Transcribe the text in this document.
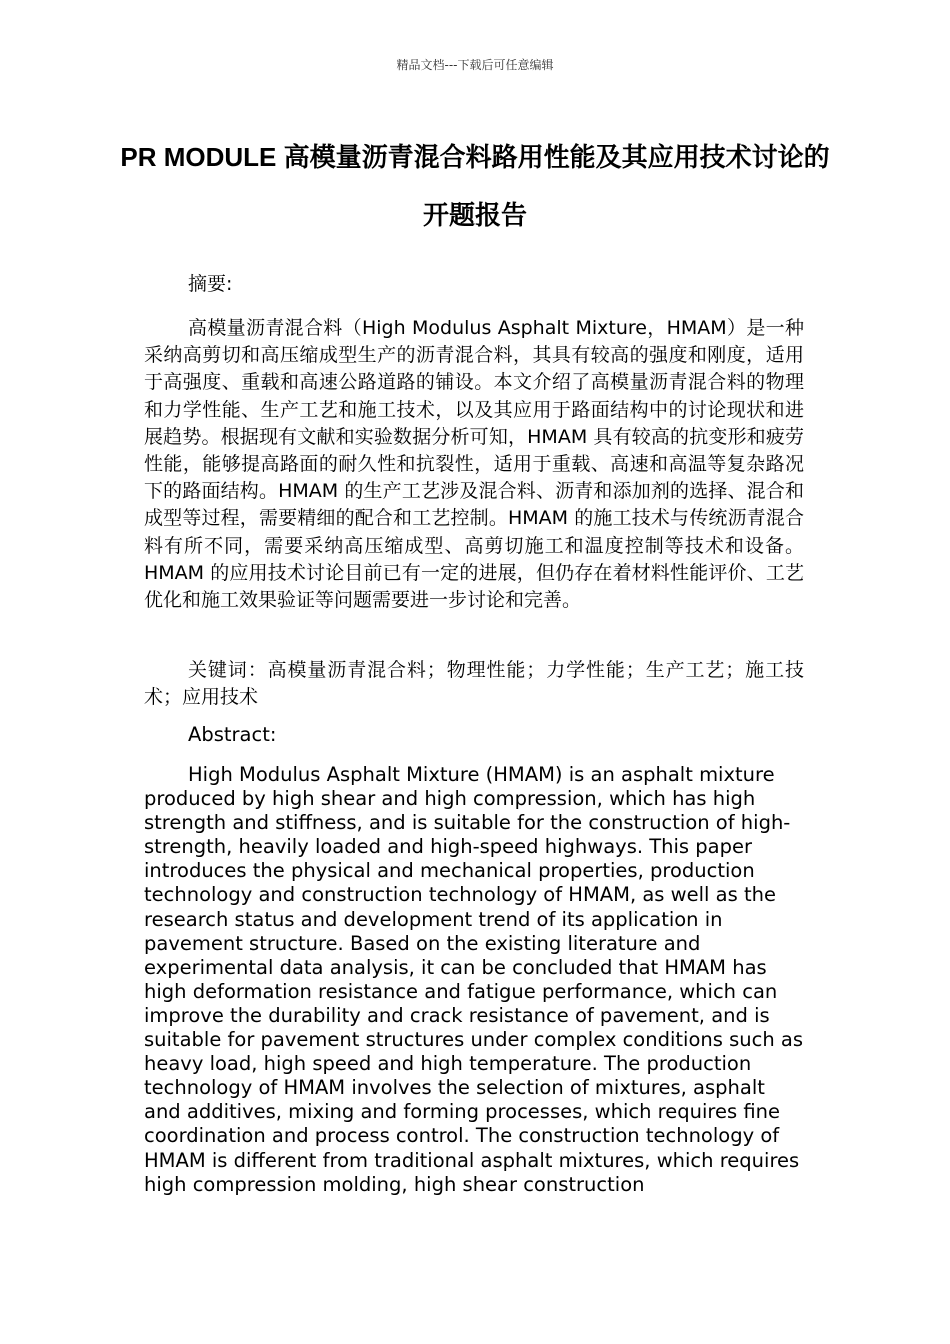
精品文档---下载后可任意编辑
PR MODULE 高模量沥青混合料路用性能及其应用技术讨论的开题报告

摘要:

高模量沥青混合料（High Modulus Asphalt Mixture，HMAM）是一种采纳高剪切和高压缩成型生产的沥青混合料，其具有较高的强度和刚度，适用于高强度、重载和高速公路道路的铺设。本文介绍了高模量沥青混合料的物理和力学性能、生产工艺和施工技术，以及其应用于路面结构中的讨论现状和进展趋势。根据现有文献和实验数据分析可知，HMAM 具有较高的抗变形和疲劳性能，能够提高路面的耐久性和抗裂性，适用于重载、高速和高温等复杂路况下的路面结构。HMAM 的生产工艺涉及混合料、沥青和添加剂的选择、混合和成型等过程，需要精细的配合和工艺控制。HMAM 的施工技术与传统沥青混合料有所不同，需要采纳高压缩成型、高剪切施工和温度控制等技术和设备。HMAM 的应用技术讨论目前已有一定的进展，但仍存在着材料性能评价、工艺优化和施工效果验证等问题需要进一步讨论和完善。

关键词：高模量沥青混合料；物理性能；力学性能；生产工艺；施工技术；应用技术

Abstract:

High Modulus Asphalt Mixture (HMAM) is an asphalt mixture produced by high shear and high compression, which has high strength and stiffness, and is suitable for the construction of high-strength, heavily loaded and high-speed highways. This paper introduces the physical and mechanical properties, production technology and construction technology of HMAM, as well as the research status and development trend of its application in pavement structure. Based on the existing literature and experimental data analysis, it can be concluded that HMAM has high deformation resistance and fatigue performance, which can improve the durability and crack resistance of pavement, and is suitable for pavement structures under complex conditions such as heavy load, high speed and high temperature. The production technology of HMAM involves the selection of mixtures, asphalt and additives, mixing and forming processes, which requires fine coordination and process control. The construction technology of HMAM is different from traditional asphalt mixtures, which requires high compression molding, high shear construction
